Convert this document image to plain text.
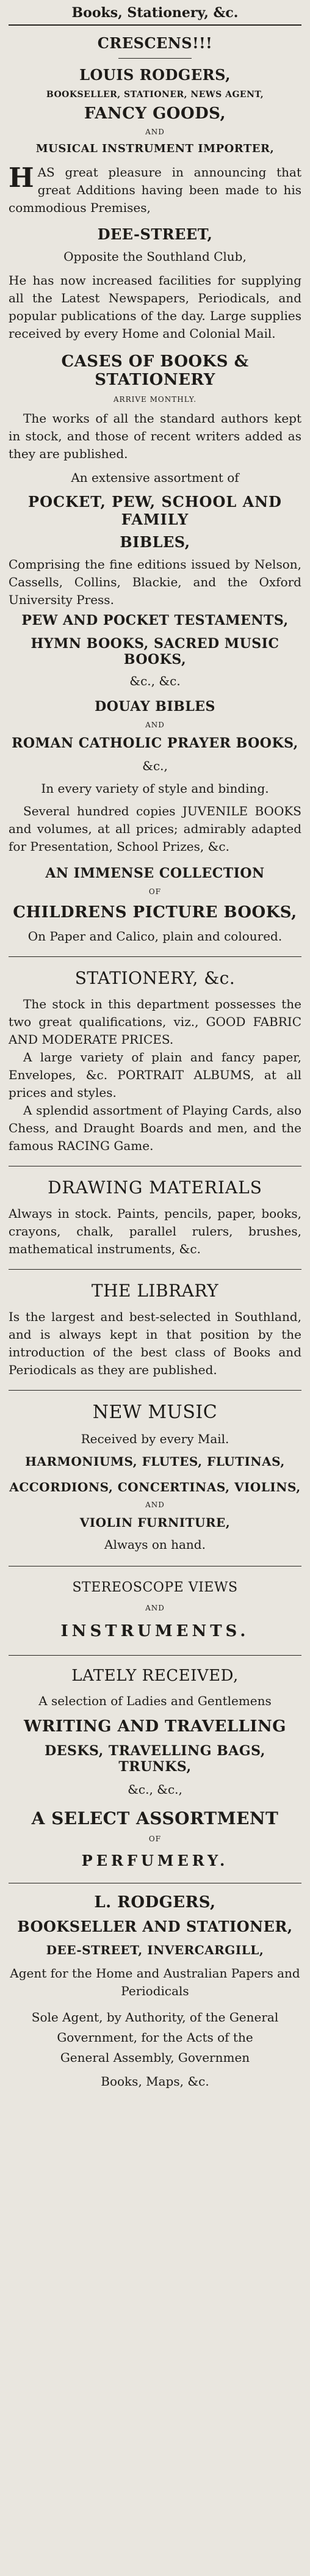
Books, Stationery, &c.
CRESCENS!!!
LOUIS RODGERS,
BOOKSELLER, STATIONER, NEWS AGENT,
FANCY GOODS,
AND
MUSICAL INSTRUMENT IMPORTER,

HAS great pleasure in announcing that great Additions having been made to his commodious Premises,

DEE-STREET,
Opposite the Southland Club,

He has now increased facilities for supplying all the Latest Newspapers, Periodicals, and popular publications of the day. Large supplies received by every Home and Colonial Mail.

CASES OF BOOKS & STATIONERY
ARRIVE MONTHLY.

The works of all the standard authors kept in stock, and those of recent writers added as they are published.

An extensive assortment of
POCKET, PEW, SCHOOL AND FAMILY
BIBLES,

Comprising the fine editions issued by Nelson, Cassells, Collins, Blackie, and the Oxford University Press.

PEW AND POCKET TESTAMENTS,
HYMN BOOKS, SACRED MUSIC BOOKS,
&c., &c.
DOUAY BIBLES
AND
ROMAN CATHOLIC PRAYER BOOKS,
&c.,
In every variety of style and binding.

Several hundred copies JUVENILE BOOKS and volumes, at all prices; admirably adapted for Presentation, School Prizes, &c.

AN IMMENSE COLLECTION
OF
CHILDRENS PICTURE BOOKS,
On Paper and Calico, plain and coloured.
STATIONERY, &c.

The stock in this department possesses the two great qualifications, viz., GOOD FABRIC AND MODERATE PRICES.

A large variety of plain and fancy paper, Envelopes, &c. PORTRAIT ALBUMS, at all prices and styles.

A splendid assortment of Playing Cards, also Chess, and Draught Boards and men, and the famous RACING Game.

DRAWING MATERIALS

Always in stock. Paints, pencils, paper, books, crayons, chalk, parallel rulers, brushes, mathematical instruments, &c.

THE LIBRARY

Is the largest and best-selected in Southland, and is always kept in that position by the introduction of the best class of Books and Periodicals as they are published.

NEW MUSIC
Received by every Mail.
HARMONIUMS, FLUTES, FLUTINAS,
ACCORDIONS, CONCERTINAS, VIOLINS,
AND
VIOLIN FURNITURE,
Always on hand.
STEREOSCOPE VIEWS
AND
INSTRUMENTS.
LATELY RECEIVED,
A selection of Ladies and Gentlemens
WRITING AND TRAVELLING
DESKS, TRAVELLING BAGS, TRUNKS,
&c., &c.,
A SELECT ASSORTMENT
OF
PERFUMERY.
L. RODGERS,
BOOKSELLER AND STATIONER,
DEE-STREET, INVERCARGILL,
Agent for the Home and Australian Papers and Periodicals
Sole Agent, by Authority, of the General
Government, for the Acts of the
General Assembly, Governmen
Books, Maps, &c.
